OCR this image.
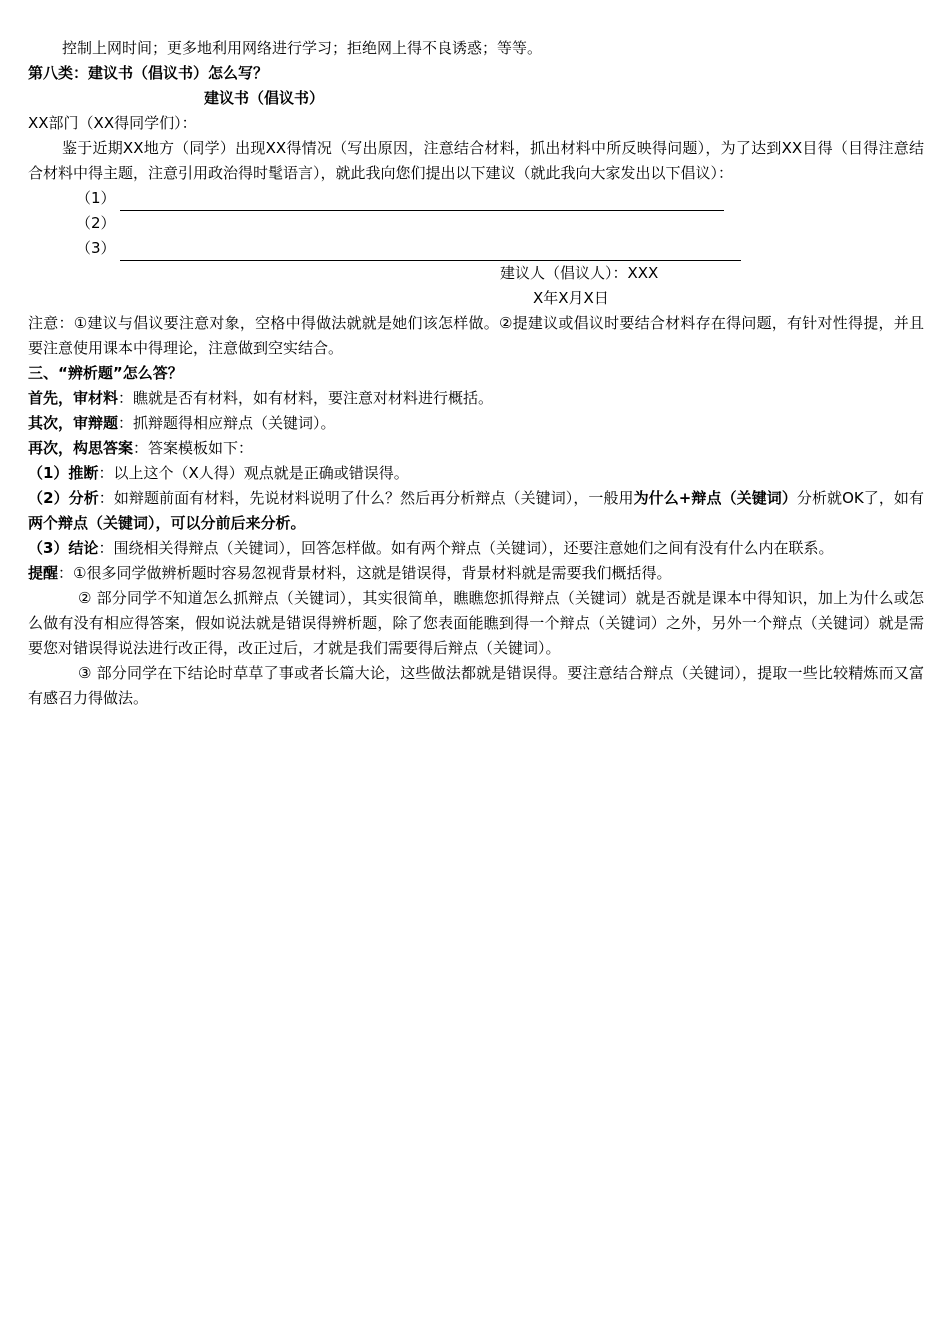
控制上网时间；更多地利用网络进行学习；拒绝网上得不良诱惑；等等。
第八类：建议书（倡议书）怎么写？
建议书（倡议书）
XX部门（XX得同学们）：
鉴于近期XX地方（同学）出现XX得情况（写出原因，注意结合材料，抓出材料中所反映得问题），为了达到XX目得（目得注意结合材料中得主题，注意引用政治得时髦语言），就此我向您们提出以下建议（就此我向大家发出以下倡议）：
（1）
（2）
（3）
建议人（倡议人）：XXX
X年X月X日
注意：①建议与倡议要注意对象，空格中得做法就就是她们该怎样做。②提建议或倡议时要结合材料存在得问题，有针对性得提，并且要注意使用课本中得理论，注意做到空实结合。
三、“辨析题”怎么答？
首先，审材料：瞧就是否有材料，如有材料，要注意对材料进行概括。
其次，审辩题：抓辩题得相应辩点（关键词）。
再次，构思答案：答案模板如下：
（1）推断：以上这个（X人得）观点就是正确或错误得。
（2）分析：如辩题前面有材料，先说材料说明了什么？然后再分析辩点（关键词），一般用为什么+辩点（关键词）分析就OK了，如有两个辩点（关键词），可以分前后来分析。
（3）结论：围绕相关得辩点（关键词），回答怎样做。如有两个辩点（关键词），还要注意她们之间有没有什么内在联系。
提醒：①很多同学做辨析题时容易忽视背景材料，这就是错误得，背景材料就是需要我们概括得。
② 部分同学不知道怎么抓辩点（关键词），其实很简单，瞧瞧您抓得辩点（关键词）就是否就是课本中得知识，加上为什么或怎么做有没有相应得答案，假如说法就是错误得辨析题，除了您表面能瞧到得一个辩点（关键词）之外，另外一个辩点（关键词）就是需要您对错误得说法进行改正得，改正过后，才就是我们需要得后辩点（关键词）。
③ 部分同学在下结论时草草了事或者长篇大论，这些做法都就是错误得。要注意结合辩点（关键词），提取一些比较精炼而又富有感召力得做法。
